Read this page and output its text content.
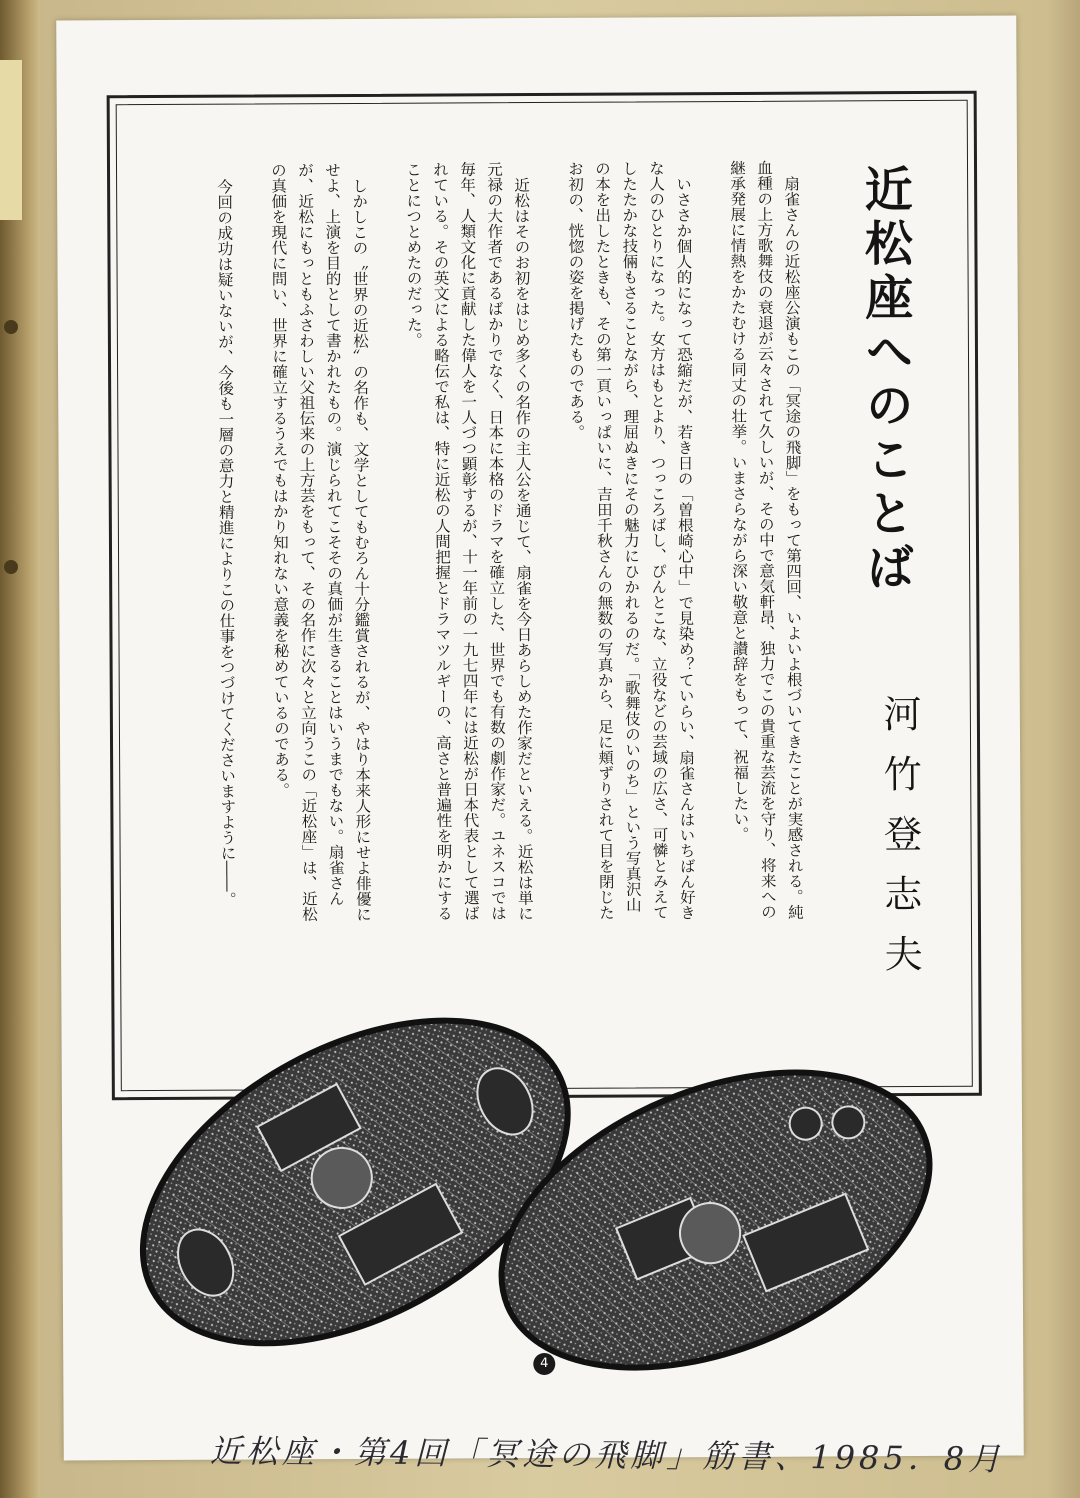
近松座へのことば
河竹登志夫

扇雀さんの近松座公演もこの「冥途の飛脚」をもって第四回、いよいよ根づいてきたことが実感される。純血種の上方歌舞伎の衰退が云々されて久しいが、その中で意気軒昂、独力でこの貴重な芸流を守り、将来への継承発展に情熱をかたむける同丈の壮挙。いまさらながら深い敬意と讃辞をもって、祝福したい。

いささか個人的になって恐縮だが、若き日の「曽根崎心中」で見染め？ていらい、扇雀さんはいちばん好きな人のひとりになった。女方はもとより、つっころばし、ぴんとこな、立役などの芸域の広さ、可憐とみえてしたたかな技倆もさることながら、理屈ぬきにその魅力にひかれるのだ。「歌舞伎のいのち」という写真沢山の本を出したときも、その第一頁いっぱいに、吉田千秋さんの無数の写真から、足に頬ずりされて目を閉じたお初の、恍惚の姿を掲げたものである。

近松はそのお初をはじめ多くの名作の主人公を通じて、扇雀を今日あらしめた作家だといえる。近松は単に元禄の大作者であるばかりでなく、日本に本格のドラマを確立した、世界でも有数の劇作家だ。ユネスコでは毎年、人類文化に貢献した偉人を一人づつ顕彰するが、十一年前の一九七四年には近松が日本代表として選ばれている。その英文による略伝で私は、特に近松の人間把握とドラマツルギーの、高さと普遍性を明かにすることにつとめたのだった。

しかしこの〝世界の近松〟の名作も、文学としてもむろん十分鑑賞されるが、やはり本来人形にせよ俳優にせよ、上演を目的として書かれたもの。演じられてこそその真価が生きることはいうまでもない。扇雀さんが、近松にもっともふさわしい父祖伝来の上方芸をもって、その名作に次々と立向うこの「近松座」は、近松の真価を現代に問い、世界に確立するうえでもはかり知れない意義を秘めているのである。

今回の成功は疑いないが、今後も一層の意力と精進によりこの仕事をつづけてくださいますように――。

4
近松座・第4回「冥途の飛脚」筋書、1985．8月
